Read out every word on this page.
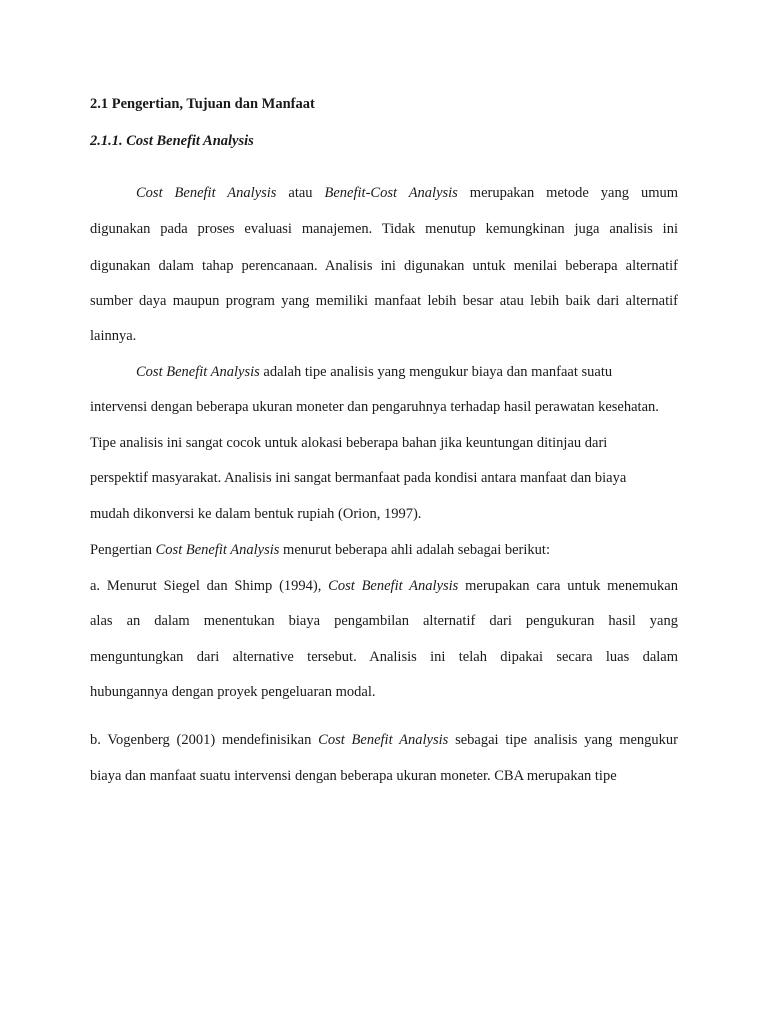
2.1 Pengertian, Tujuan dan Manfaat
2.1.1. Cost Benefit Analysis
Cost Benefit Analysis atau Benefit-Cost Analysis merupakan metode yang umum
digunakan pada proses evaluasi manajemen. Tidak menutup kemungkinan juga analisis ini
digunakan dalam tahap perencanaan. Analisis ini digunakan untuk menilai beberapa alternatif
sumber daya maupun program yang memiliki manfaat lebih besar atau lebih baik dari alternatif
lainnya.
Cost Benefit Analysis adalah tipe analisis yang mengukur biaya dan manfaat suatu
intervensi dengan beberapa ukuran moneter dan pengaruhnya terhadap hasil perawatan kesehatan.
Tipe analisis ini sangat cocok untuk alokasi beberapa bahan jika keuntungan ditinjau dari
perspektif masyarakat. Analisis ini sangat bermanfaat pada kondisi antara manfaat dan biaya
mudah dikonversi ke dalam bentuk rupiah (Orion, 1997).
Pengertian Cost Benefit Analysis menurut beberapa ahli adalah sebagai berikut:
a. Menurut Siegel dan Shimp (1994), Cost Benefit Analysis merupakan cara untuk menemukan
alas an dalam menentukan biaya pengambilan alternatif dari pengukuran hasil yang
menguntungkan dari alternative tersebut. Analisis ini telah dipakai secara luas dalam
hubungannya dengan proyek pengeluaran modal.
b. Vogenberg (2001) mendefinisikan Cost Benefit Analysis sebagai tipe analisis yang mengukur
biaya dan manfaat suatu intervensi dengan beberapa ukuran moneter. CBA merupakan tipe
